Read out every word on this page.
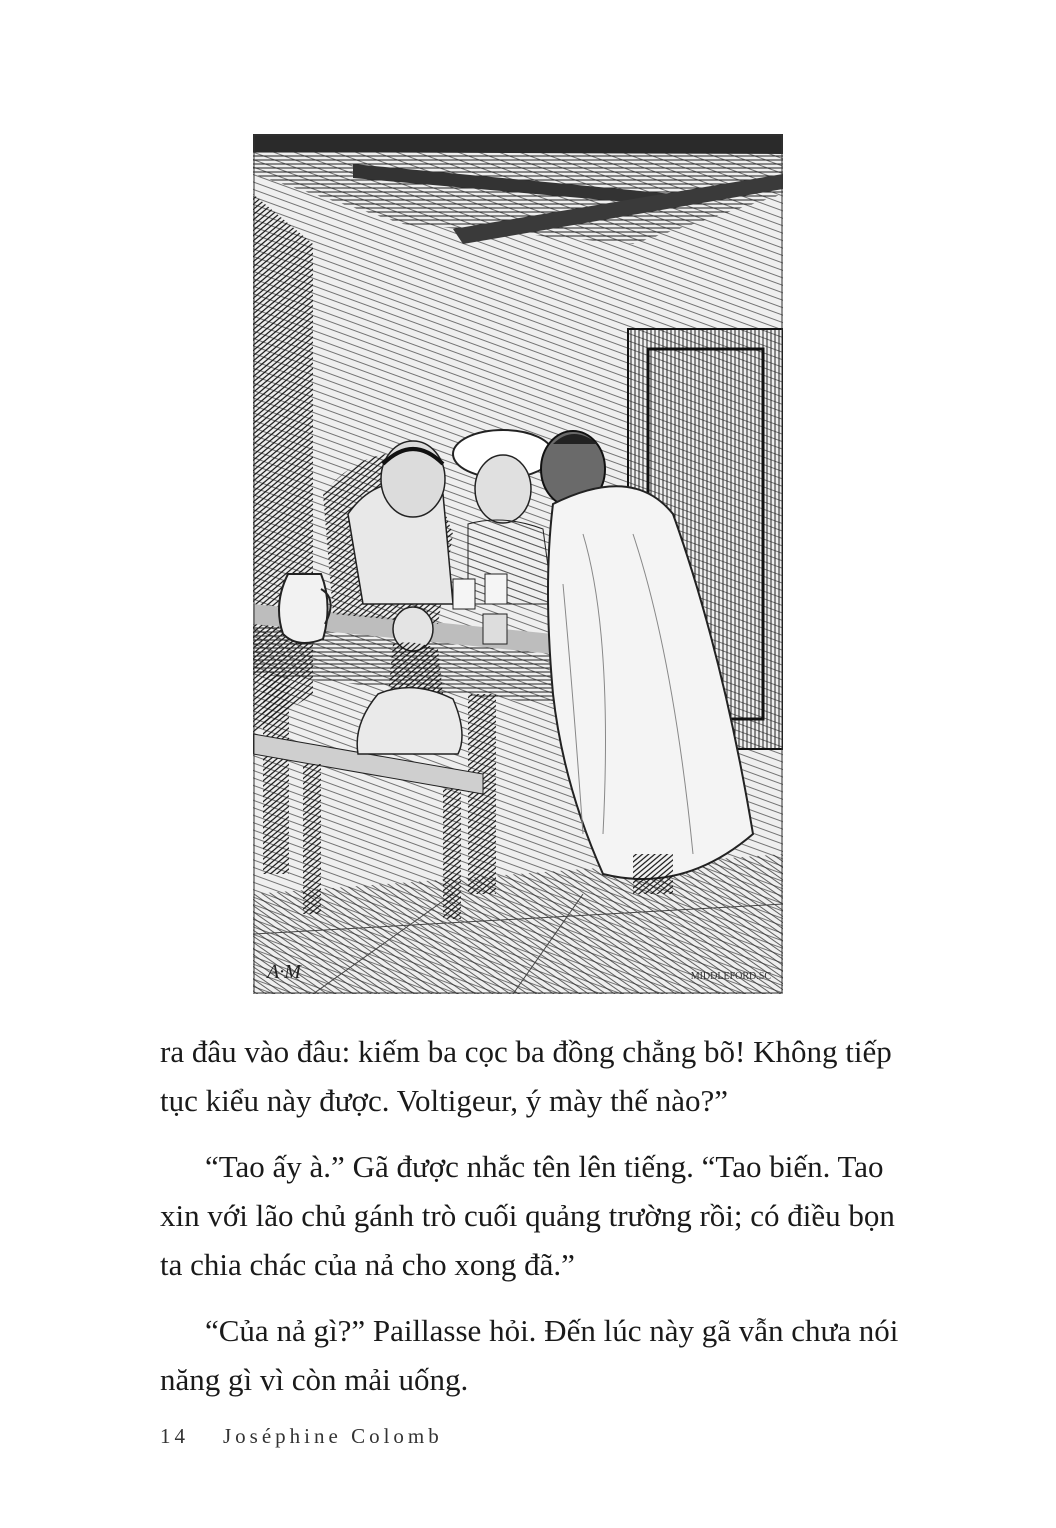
A·M	MIDDLEFORD.SC

ra đâu vào đâu: kiếm ba cọc ba đồng chẳng bõ! Không tiếp tục kiểu này được. Voltigeur, ý mày thế nào?”

“Tao ấy à.” Gã được nhắc tên lên tiếng. “Tao biến. Tao xin với lão chủ gánh trò cuối quảng trường rồi; có điều bọn ta chia chác của nả cho xong đã.”

“Của nả gì?” Paillasse hỏi. Đến lúc này gã vẫn chưa nói năng gì vì còn mải uống.

14 Joséphine Colomb
